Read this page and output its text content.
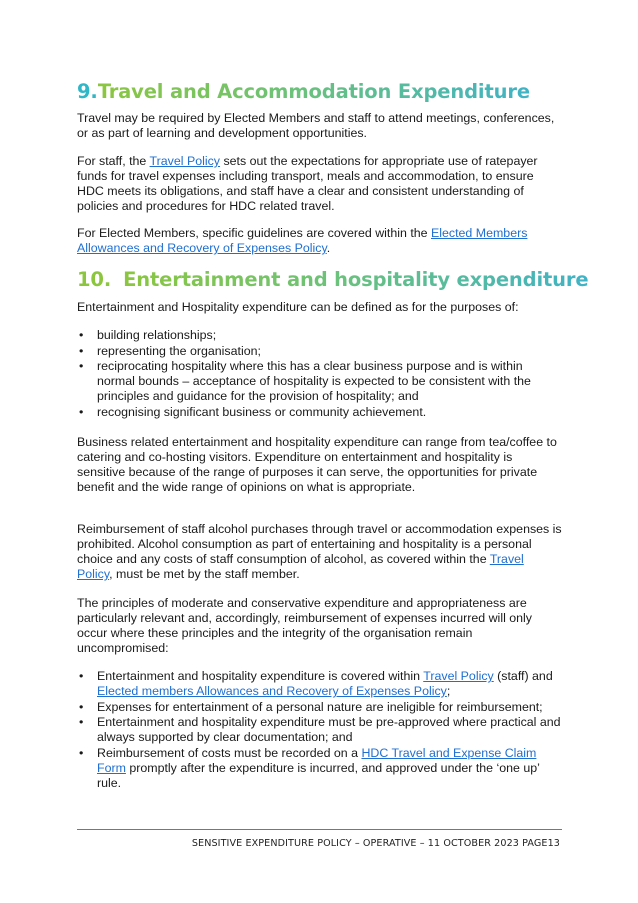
9.Travel and Accommodation Expenditure

Travel may be required by Elected Members and staff to attend meetings, conferences, or as part of learning and development opportunities.

For staff, the Travel Policy sets out the expectations for appropriate use of ratepayer funds for travel expenses including transport, meals and accommodation, to ensure HDC meets its obligations, and staff have a clear and consistent understanding of policies and procedures for HDC related travel.

For Elected Members, specific guidelines are covered within the Elected Members Allowances and Recovery of Expenses Policy.

10. Entertainment and hospitality expenditure

Entertainment and Hospitality expenditure can be defined as for the purposes of:

• building relationships;
• representing the organisation;
• reciprocating hospitality where this has a clear business purpose and is within normal bounds – acceptance of hospitality is expected to be consistent with the principles and guidance for the provision of hospitality; and
• recognising significant business or community achievement.

Business related entertainment and hospitality expenditure can range from tea/coffee to catering and co-hosting visitors. Expenditure on entertainment and hospitality is sensitive because of the range of purposes it can serve, the opportunities for private benefit and the wide range of opinions on what is appropriate.

Reimbursement of staff alcohol purchases through travel or accommodation expenses is prohibited. Alcohol consumption as part of entertaining and hospitality is a personal choice and any costs of staff consumption of alcohol, as covered within the Travel Policy, must be met by the staff member.

The principles of moderate and conservative expenditure and appropriateness are particularly relevant and, accordingly, reimbursement of expenses incurred will only occur where these principles and the integrity of the organisation remain uncompromised:

• Entertainment and hospitality expenditure is covered within Travel Policy (staff) and Elected members Allowances and Recovery of Expenses Policy;
• Expenses for entertainment of a personal nature are ineligible for reimbursement;
• Entertainment and hospitality expenditure must be pre-approved where practical and always supported by clear documentation; and
• Reimbursement of costs must be recorded on a HDC Travel and Expense Claim Form promptly after the expenditure is incurred, and approved under the ‘one up’ rule.
SENSITIVE EXPENDITURE POLICY – OPERATIVE – 11 OCTOBER 2023 PAGE13
